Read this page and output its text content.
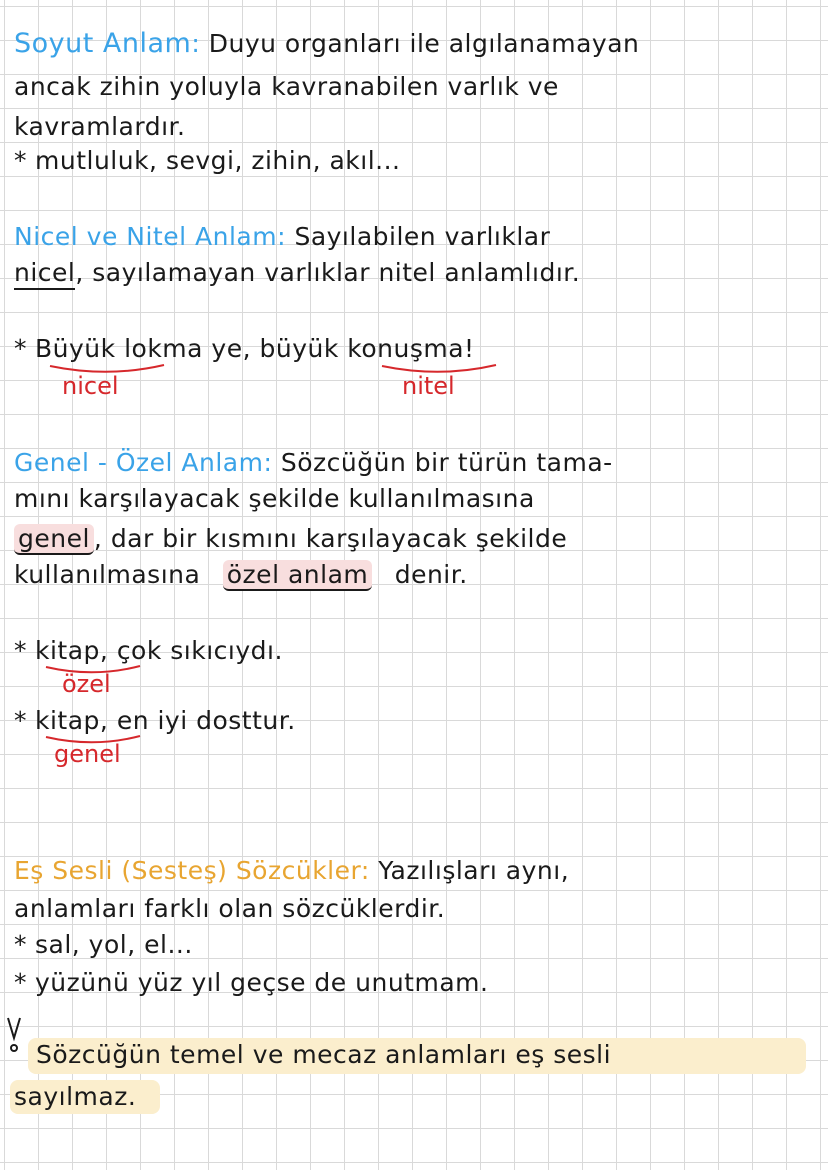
Soyut Anlam: Duyu organları ile algılanamayan
ancak zihin yoluyla kavranabilen varlık ve
kavramlardır.
* mutluluk, sevgi, zihin, akıl...
Nicel ve Nitel Anlam: Sayılabilen varlıklar
nicel, sayılamayan varlıklar nitel anlamlıdır.
* Büyük lokma ye, büyük konuşma!
nicel	nitel
Genel - Özel Anlam: Sözcüğün bir türün tama-
mını karşılayacak şekilde kullanılmasına
genel , dar bir kısmını karşılayacak şekilde
kullanılmasına özel anlam denir.
* kitap, çok sıkıcıydı.
özel
* kitap, en iyi dosttur.
genel
Eş Sesli (Sesteş) Sözcükler: Yazılışları aynı,
anlamları farklı olan sözcüklerdir.
* sal, yol, el...
* yüzünü yüz yıl geçse de unutmam.
Sözcüğün temel ve mecaz anlamları eş sesli
sayılmaz.
